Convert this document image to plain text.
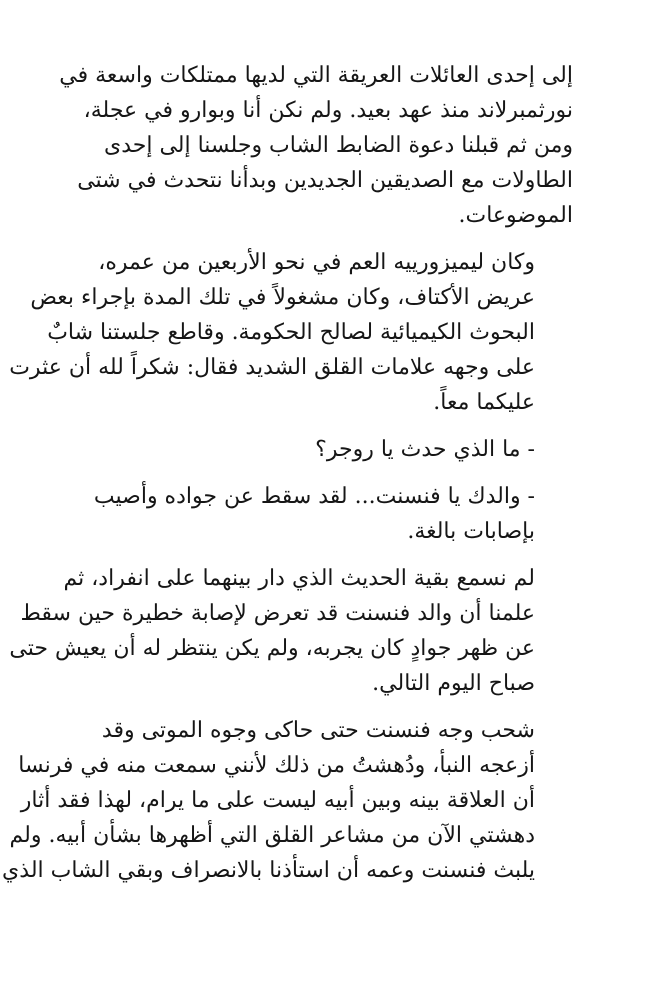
إلى إحدى العائلات العريقة التي لديها ممتلكات واسعة في
نورثمبرلاند منذ عهد بعيد. ولم نكن أنا وبوارو في عجلة،
ومن ثم قبلنا دعوة الضابط الشاب وجلسنا إلى إحدى
الطاولات مع الصديقين الجديدين وبدأنا نتحدث في شتى
الموضوعات.

وكان ليميزورييه العم في نحو الأربعين من عمره،
عريض الأكتاف، وكان مشغولاً في تلك المدة بإجراء بعض
البحوث الكيميائية لصالح الحكومة. وقاطع جلستنا شابٌ
على وجهه علامات القلق الشديد فقال: شكراً لله أن عثرت
عليكما معاً.

- ما الذي حدث يا روجر؟

- والدك يا فنسنت... لقد سقط عن جواده وأصيب
بإصابات بالغة.

لم نسمع بقية الحديث الذي دار بينهما على انفراد، ثم
علمنا أن والد فنسنت قد تعرض لإصابة خطيرة حين سقط
عن ظهر جوادٍ كان يجربه، ولم يكن ينتظر له أن يعيش حتى
صباح اليوم التالي.

شحب وجه فنسنت حتى حاكى وجوه الموتى وقد
أزعجه النبأ، ودُهشتُ من ذلك لأنني سمعت منه في فرنسا
أن العلاقة بينه وبين أبيه ليست على ما يرام، لهذا فقد أثار
دهشتي الآن من مشاعر القلق التي أظهرها بشأن أبيه. ولم
يلبث فنسنت وعمه أن استأذنا بالانصراف وبقي الشاب الذي
